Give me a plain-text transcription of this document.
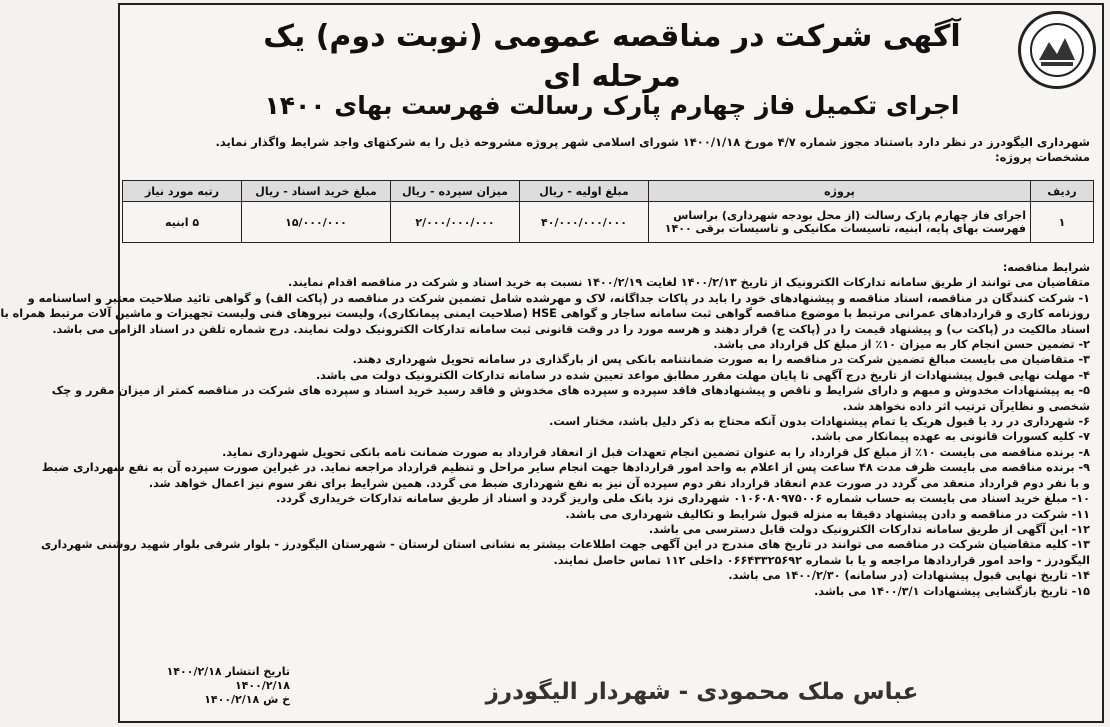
آگهی شرکت در مناقصه عمومی (نوبت دوم) یک مرحله ای
اجرای تکمیل فاز چهارم پارک رسالت فهرست بهای ۱۴۰۰
شهرداری الیگودرز در نظر دارد باستناد مجوز شماره ۴/۷ مورخ ۱۴۰۰/۱/۱۸ شورای اسلامی شهر پروژه مشروحه ذیل را به شرکتهای واجد شرایط واگذار نماید.
مشخصات پروژه:
ردیف	پروژه	مبلغ اولیه - ریال	میزان سپرده - ریال	مبلغ خرید اسناد - ریال	رتبه مورد نیاز
۱	اجرای فاز چهارم پارک رسالت (از محل بودجه شهرداری) براساس فهرست بهای پایه، ابنیه، تاسیسات مکانیکی و تاسیسات برقی ۱۴۰۰	۴۰/۰۰۰/۰۰۰/۰۰۰	۲/۰۰۰/۰۰۰/۰۰۰	۱۵/۰۰۰/۰۰۰	۵ ابنیه

شرایط مناقصه:

متقاضیان می توانند از طریق سامانه تدارکات الکترونیک از تاریخ ۱۴۰۰/۲/۱۳ لغایت ۱۴۰۰/۲/۱۹ نسبت به خرید اسناد و شرکت در مناقصه اقدام نمایند.

۱- شرکت کنندگان در مناقصه، اسناد مناقصه و پیشنهادهای خود را باید در پاکات جداگانه، لاک و مهرشده شامل تضمین شرکت در مناقصه در (پاکت الف) و گواهی تائید صلاحیت معتبر و اساسنامه و

روزنامه کاری و قراردادهای عمرانی مرتبط با موضوع مناقصه گواهی ثبت سامانه ساجار و گواهی HSE (صلاحیت ایمنی پیمانکاری)، ولیست نیروهای فنی ولیست تجهیزات و ماشین آلات مرتبط همراه با

اسناد مالکیت در (پاکت ب) و پیشنهاد قیمت را در (پاکت ج) قرار دهند و هرسه مورد را در وقت قانونی ثبت سامانه تدارکات الکترونیک دولت نمایند. درج شماره تلفن در اسناد الزامی می باشد.

۲- تضمین حسن انجام کار به میزان ۱۰٪ از مبلغ کل قرارداد می باشد.

۳- متقاضیان می بایست مبالغ تضمین شرکت در مناقصه را به صورت ضمانتنامه بانکی پس از بارگذاری در سامانه تحویل شهرداری دهند.

۴- مهلت نهایی قبول پیشنهادات از تاریخ درج آگهی تا پایان مهلت مقرر مطابق مواعد تعیین شده در سامانه تدارکات الکترونیک دولت می باشد.

۵- به پیشنهادات مخدوش و مبهم و دارای شرایط و ناقص و پیشنهادهای فاقد سپرده و سپرده های مخدوش و فاقد رسید خرید اسناد و سپرده های شرکت در مناقصه کمتر از میزان مقرر و چک

شخصی و نظایرآن ترتیب اثر داده نخواهد شد.

۶- شهرداری در رد یا قبول هریک یا تمام پیشنهادات بدون آنکه محتاج به ذکر دلیل باشد، مختار است.

۷- کلیه کسورات قانونی به عهده پیمانکار می باشد.

۸- برنده مناقصه می بایست ۱۰٪ از مبلغ کل قرارداد را به عنوان تضمین انجام تعهدات قبل از انعقاد قرارداد به صورت ضمانت نامه بانکی تحویل شهرداری نماید.

۹- برنده مناقصه می بایست ظرف مدت ۴۸ ساعت پس از اعلام به واحد امور قراردادها جهت انجام سایر مراحل و تنظیم قرارداد مراجعه نماید. در غیراین صورت سپرده آن به نفع شهرداری ضبط

و با نفر دوم قرارداد منعقد می گردد در صورت عدم انعقاد قرارداد نفر دوم سپرده آن نیز به نفع شهرداری ضبط می گردد. همین شرایط برای نفر سوم نیز اعمال خواهد شد.

۱۰- مبلغ خرید اسناد می بایست به حساب شماره ۰۱۰۶۰۸۰۹۷۵۰۰۶ شهرداری نزد بانک ملی واریز گردد و اسناد از طریق سامانه تدارکات خریداری گردد.

۱۱- شرکت در مناقصه و دادن پیشنهاد دقیقا به منزله قبول شرایط و تکالیف شهرداری می باشد.

۱۲- این آگهی از طریق سامانه تدارکات الکترونیک دولت قابل دسترسی می باشد.

۱۳- کلیه متقاضیان شرکت در مناقصه می توانند در تاریخ های مندرج در این آگهی جهت اطلاعات بیشتر به نشانی استان لرستان - شهرستان الیگودرز - بلوار شرقی بلوار شهید روشنی شهرداری

الیگودرز - واحد امور قراردادها مراجعه و یا با شماره ۰۶۶۴۳۳۲۵۶۹۲ داخلی ۱۱۲ تماس حاصل نمایند.

۱۴- تاریخ نهایی قبول پیشنهادات (در سامانه) ۱۴۰۰/۲/۳۰ می باشد.

۱۵- تاریخ بازگشایی پیشنهادات ۱۴۰۰/۳/۱ می باشد.

تاریخ انتشار ۱۴۰۰/۲/۱۸
۱۴۰۰/۲/۱۸
خ ش ۱۴۰۰/۲/۱۸	عباس ملک محمودی - شهردار الیگودرز
